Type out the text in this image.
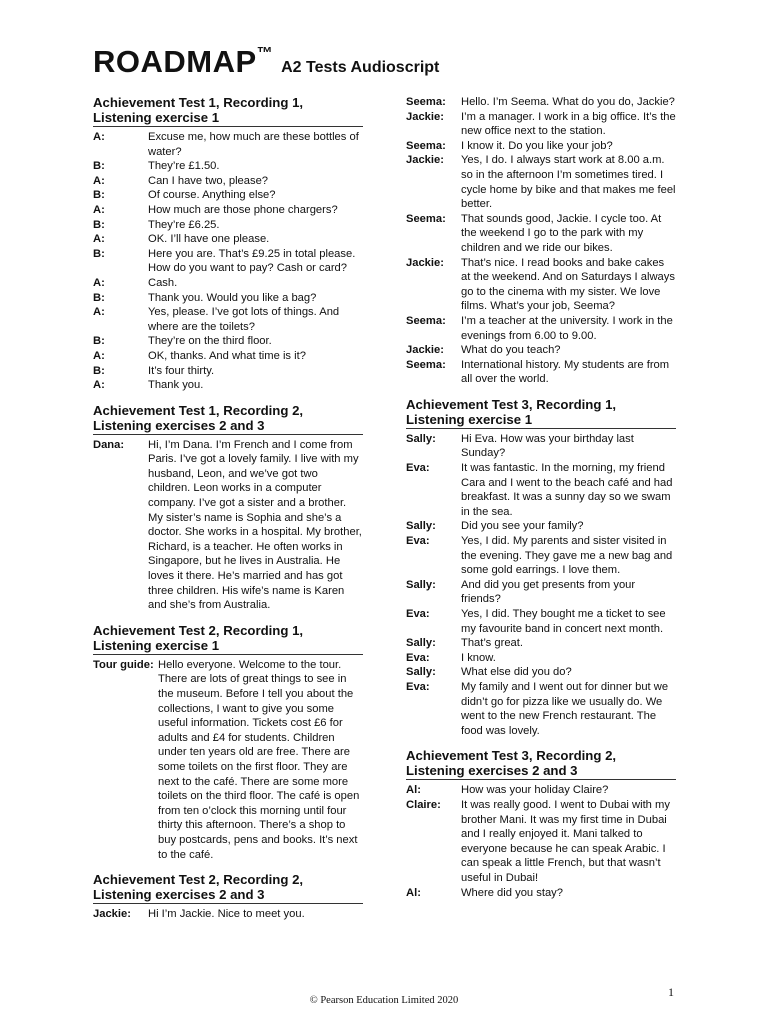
ROADMAP™ A2 Tests Audioscript
Achievement Test 1, Recording 1,
Listening exercise 1
A:	Excuse me, how much are these bottles of water?
B:	They’re £1.50.
A:	Can I have two, please?
B:	Of course. Anything else?
A:	How much are those phone chargers?
B:	They’re £6.25.
A:	OK. I’ll have one please.
B:	Here you are. That’s £9.25 in total please. How do you want to pay? Cash or card?
A:	Cash.
B:	Thank you. Would you like a bag?
A:	Yes, please. I’ve got lots of things. And where are the toilets?
B:	They’re on the third floor.
A:	OK, thanks. And what time is it?
B:	It’s four thirty.
A:	Thank you.
Achievement Test 1, Recording 2,
Listening exercises 2 and 3
Dana:	Hi, I’m Dana. I’m French and I come from Paris. I’ve got a lovely family. I live with my husband, Leon, and we’ve got two children. Leon works in a computer company. I’ve got a sister and a brother. My sister’s name is Sophia and she’s a doctor. She works in a hospital. My brother, Richard, is a teacher. He often works in Singapore, but he lives in Australia. He loves it there. He’s married and has got three children. His wife’s name is Karen and she’s from Australia.
Achievement Test 2, Recording 1,
Listening exercise 1
Tour guide: Hello everyone. Welcome to the tour. There are lots of great things to see in the museum. Before I tell you about the collections, I want to give you some useful information. Tickets cost £6 for adults and £4 for students. Children under ten years old are free. There are some toilets on the first floor. They are next to the café. There are some more toilets on the third floor. The café is open from ten o’clock this morning until four thirty this afternoon. There’s a shop to buy postcards, pens and books. It’s next to the café.
Achievement Test 2, Recording 2,
Listening exercises 2 and 3
Jackie:	Hi I’m Jackie. Nice to meet you.
Seema:	Hello. I’m Seema. What do you do, Jackie?
Jackie:	I’m a manager. I work in a big office. It’s the new office next to the station.
Seema:	I know it. Do you like your job?
Jackie:	Yes, I do. I always start work at 8.00 a.m. so in the afternoon I’m sometimes tired. I cycle home by bike and that makes me feel better.
Seema:	That sounds good, Jackie. I cycle too. At the weekend I go to the park with my children and we ride our bikes.
Jackie:	That’s nice. I read books and bake cakes at the weekend. And on Saturdays I always go to the cinema with my sister. We love films. What’s your job, Seema?
Seema:	I’m a teacher at the university. I work in the evenings from 6.00 to 9.00.
Jackie:	What do you teach?
Seema:	International history. My students are from all over the world.
Achievement Test 3, Recording 1,
Listening exercise 1
Sally:	Hi Eva. How was your birthday last Sunday?
Eva:	It was fantastic. In the morning, my friend Cara and I went to the beach café and had breakfast. It was a sunny day so we swam in the sea.
Sally:	Did you see your family?
Eva:	Yes, I did. My parents and sister visited in the evening. They gave me a new bag and some gold earrings. I love them.
Sally:	And did you get presents from your friends?
Eva:	Yes, I did. They bought me a ticket to see my favourite band in concert next month.
Sally:	That’s great.
Eva:	I know.
Sally:	What else did you do?
Eva:	My family and I went out for dinner but we didn’t go for pizza like we usually do. We went to the new French restaurant. The food was lovely.
Achievement Test 3, Recording 2,
Listening exercises 2 and 3
Al:	How was your holiday Claire?
Claire:	It was really good. I went to Dubai with my brother Mani. It was my first time in Dubai and I really enjoyed it. Mani talked to everyone because he can speak Arabic. I can speak a little French, but that wasn’t useful in Dubai!
Al:	Where did you stay?
1
© Pearson Education Limited 2020
